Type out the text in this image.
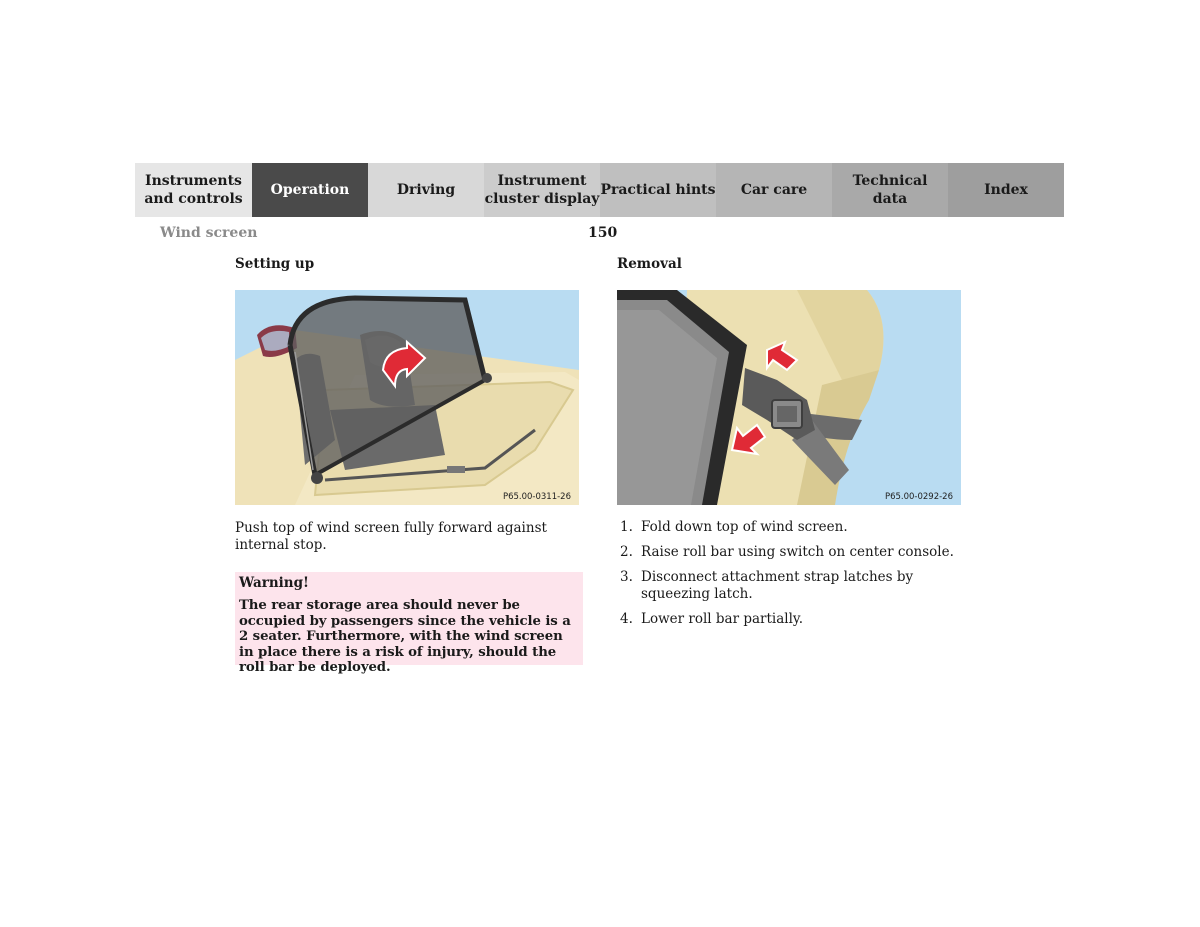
Instruments
and controls
Operation	Driving
Instrument
cluster display
Practical hints	Car care
Technical
data
Index
Wind screen	150
Setting up
P65.00-0311-26
Push top of wind screen fully forward against internal stop.
Warning!
The rear storage area should never be occupied by passengers since the vehicle is a 2 seater. Furthermore, with the wind screen in place there is a risk of injury, should the roll bar be deployed.
Removal
P65.00-0292-26
1. Fold down top of wind screen.
2. Raise roll bar using switch on center console.
3. Disconnect attachment strap latches by squeezing latch.
4. Lower roll bar partially.
